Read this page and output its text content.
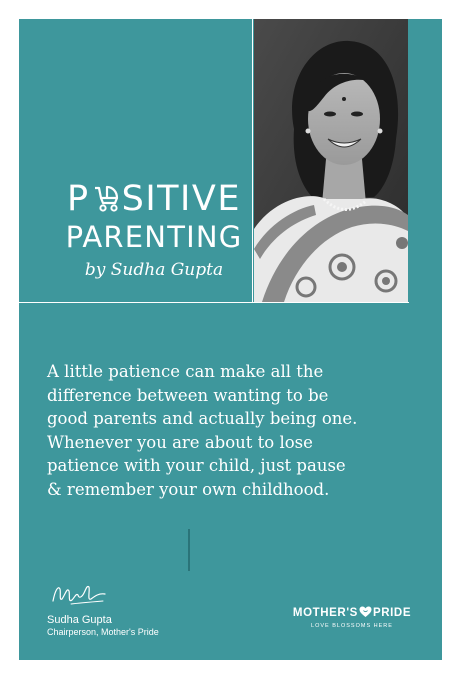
P SITIVE
PARENTING
by Sudha Gupta
A little patience can make all the
difference between wanting to be
good parents and actually being one.
Whenever you are about to lose
patience with your child, just pause
& remember your own childhood.
Sudha Gupta
Chairperson, Mother's Pride
MOTHER'S PRIDE
LOVE BLOSSOMS HERE
